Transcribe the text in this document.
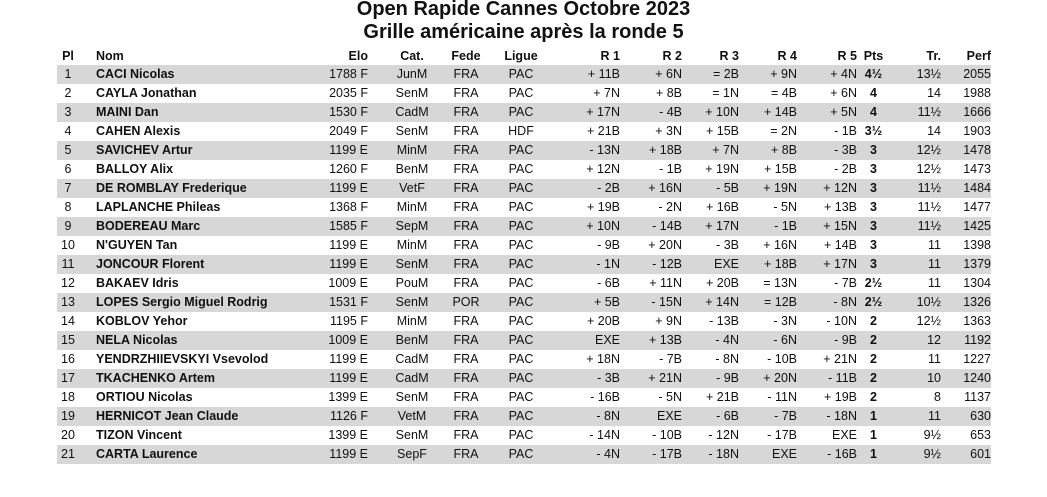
Open Rapide Cannes Octobre 2023
Grille américaine après la ronde 5
Pl		Nom	Elo		Cat.	Fede	Ligue	R 1	R 2	R 3	R 4	R 5	Pts	Tr.	Perf
1		CACI Nicolas	1788 F		JunM	FRA	PAC	+ 11B	+ 6N	= 2B	+ 9N	+ 4N	4½	13½	2055
2		CAYLA Jonathan	2035 F		SenM	FRA	PAC	+ 7N	+ 8B	= 1N	= 4B	+ 6N	4	14	1988
3		MAINI Dan	1530 F		CadM	FRA	PAC	+ 17N	- 4B	+ 10N	+ 14B	+ 5N	4	11½	1666
4		CAHEN Alexis	2049 F		SenM	FRA	HDF	+ 21B	+ 3N	+ 15B	= 2N	- 1B	3½	14	1903
5		SAVICHEV Artur	1199 E		MinM	FRA	PAC	- 13N	+ 18B	+ 7N	+ 8B	- 3B	3	12½	1478
6		BALLOY Alix	1260 F		BenM	FRA	PAC	+ 12N	- 1B	+ 19N	+ 15B	- 2B	3	12½	1473
7		DE ROMBLAY Frederique	1199 E		VetF	FRA	PAC	- 2B	+ 16N	- 5B	+ 19N	+ 12N	3	11½	1484
8		LAPLANCHE Phileas	1368 F		MinM	FRA	PAC	+ 19B	- 2N	+ 16B	- 5N	+ 13B	3	11½	1477
9		BODEREAU Marc	1585 F		SepM	FRA	PAC	+ 10N	- 14B	+ 17N	- 1B	+ 15N	3	11½	1425
10		N'GUYEN Tan	1199 E		MinM	FRA	PAC	- 9B	+ 20N	- 3B	+ 16N	+ 14B	3	11	1398
11		JONCOUR Florent	1199 E		SenM	FRA	PAC	- 1N	- 12B	EXE	+ 18B	+ 17N	3	11	1379
12		BAKAEV Idris	1009 E		PouM	FRA	PAC	- 6B	+ 11N	+ 20B	= 13N	- 7B	2½	11	1304
13		LOPES Sergio Miguel Rodrig	1531 F		SenM	POR	PAC	+ 5B	- 15N	+ 14N	= 12B	- 8N	2½	10½	1326
14		KOBLOV Yehor	1195 F		MinM	FRA	PAC	+ 20B	+ 9N	- 13B	- 3N	- 10N	2	12½	1363
15		NELA Nicolas	1009 E		BenM	FRA	PAC	EXE	+ 13B	- 4N	- 6N	- 9B	2	12	1192
16		YENDRZHIIEVSKYI Vsevolod	1199 E		CadM	FRA	PAC	+ 18N	- 7B	- 8N	- 10B	+ 21N	2	11	1227
17		TKACHENKO Artem	1199 E		CadM	FRA	PAC	- 3B	+ 21N	- 9B	+ 20N	- 11B	2	10	1240
18		ORTIOU Nicolas	1399 E		SenM	FRA	PAC	- 16B	- 5N	+ 21B	- 11N	+ 19B	2	8	1137
19		HERNICOT Jean Claude	1126 F		VetM	FRA	PAC	- 8N	EXE	- 6B	- 7B	- 18N	1	11	630
20		TIZON Vincent	1399 E		SenM	FRA	PAC	- 14N	- 10B	- 12N	- 17B	EXE	1	9½	653
21		CARTA Laurence	1199 E		SepF	FRA	PAC	- 4N	- 17B	- 18N	EXE	- 16B	1	9½	601
